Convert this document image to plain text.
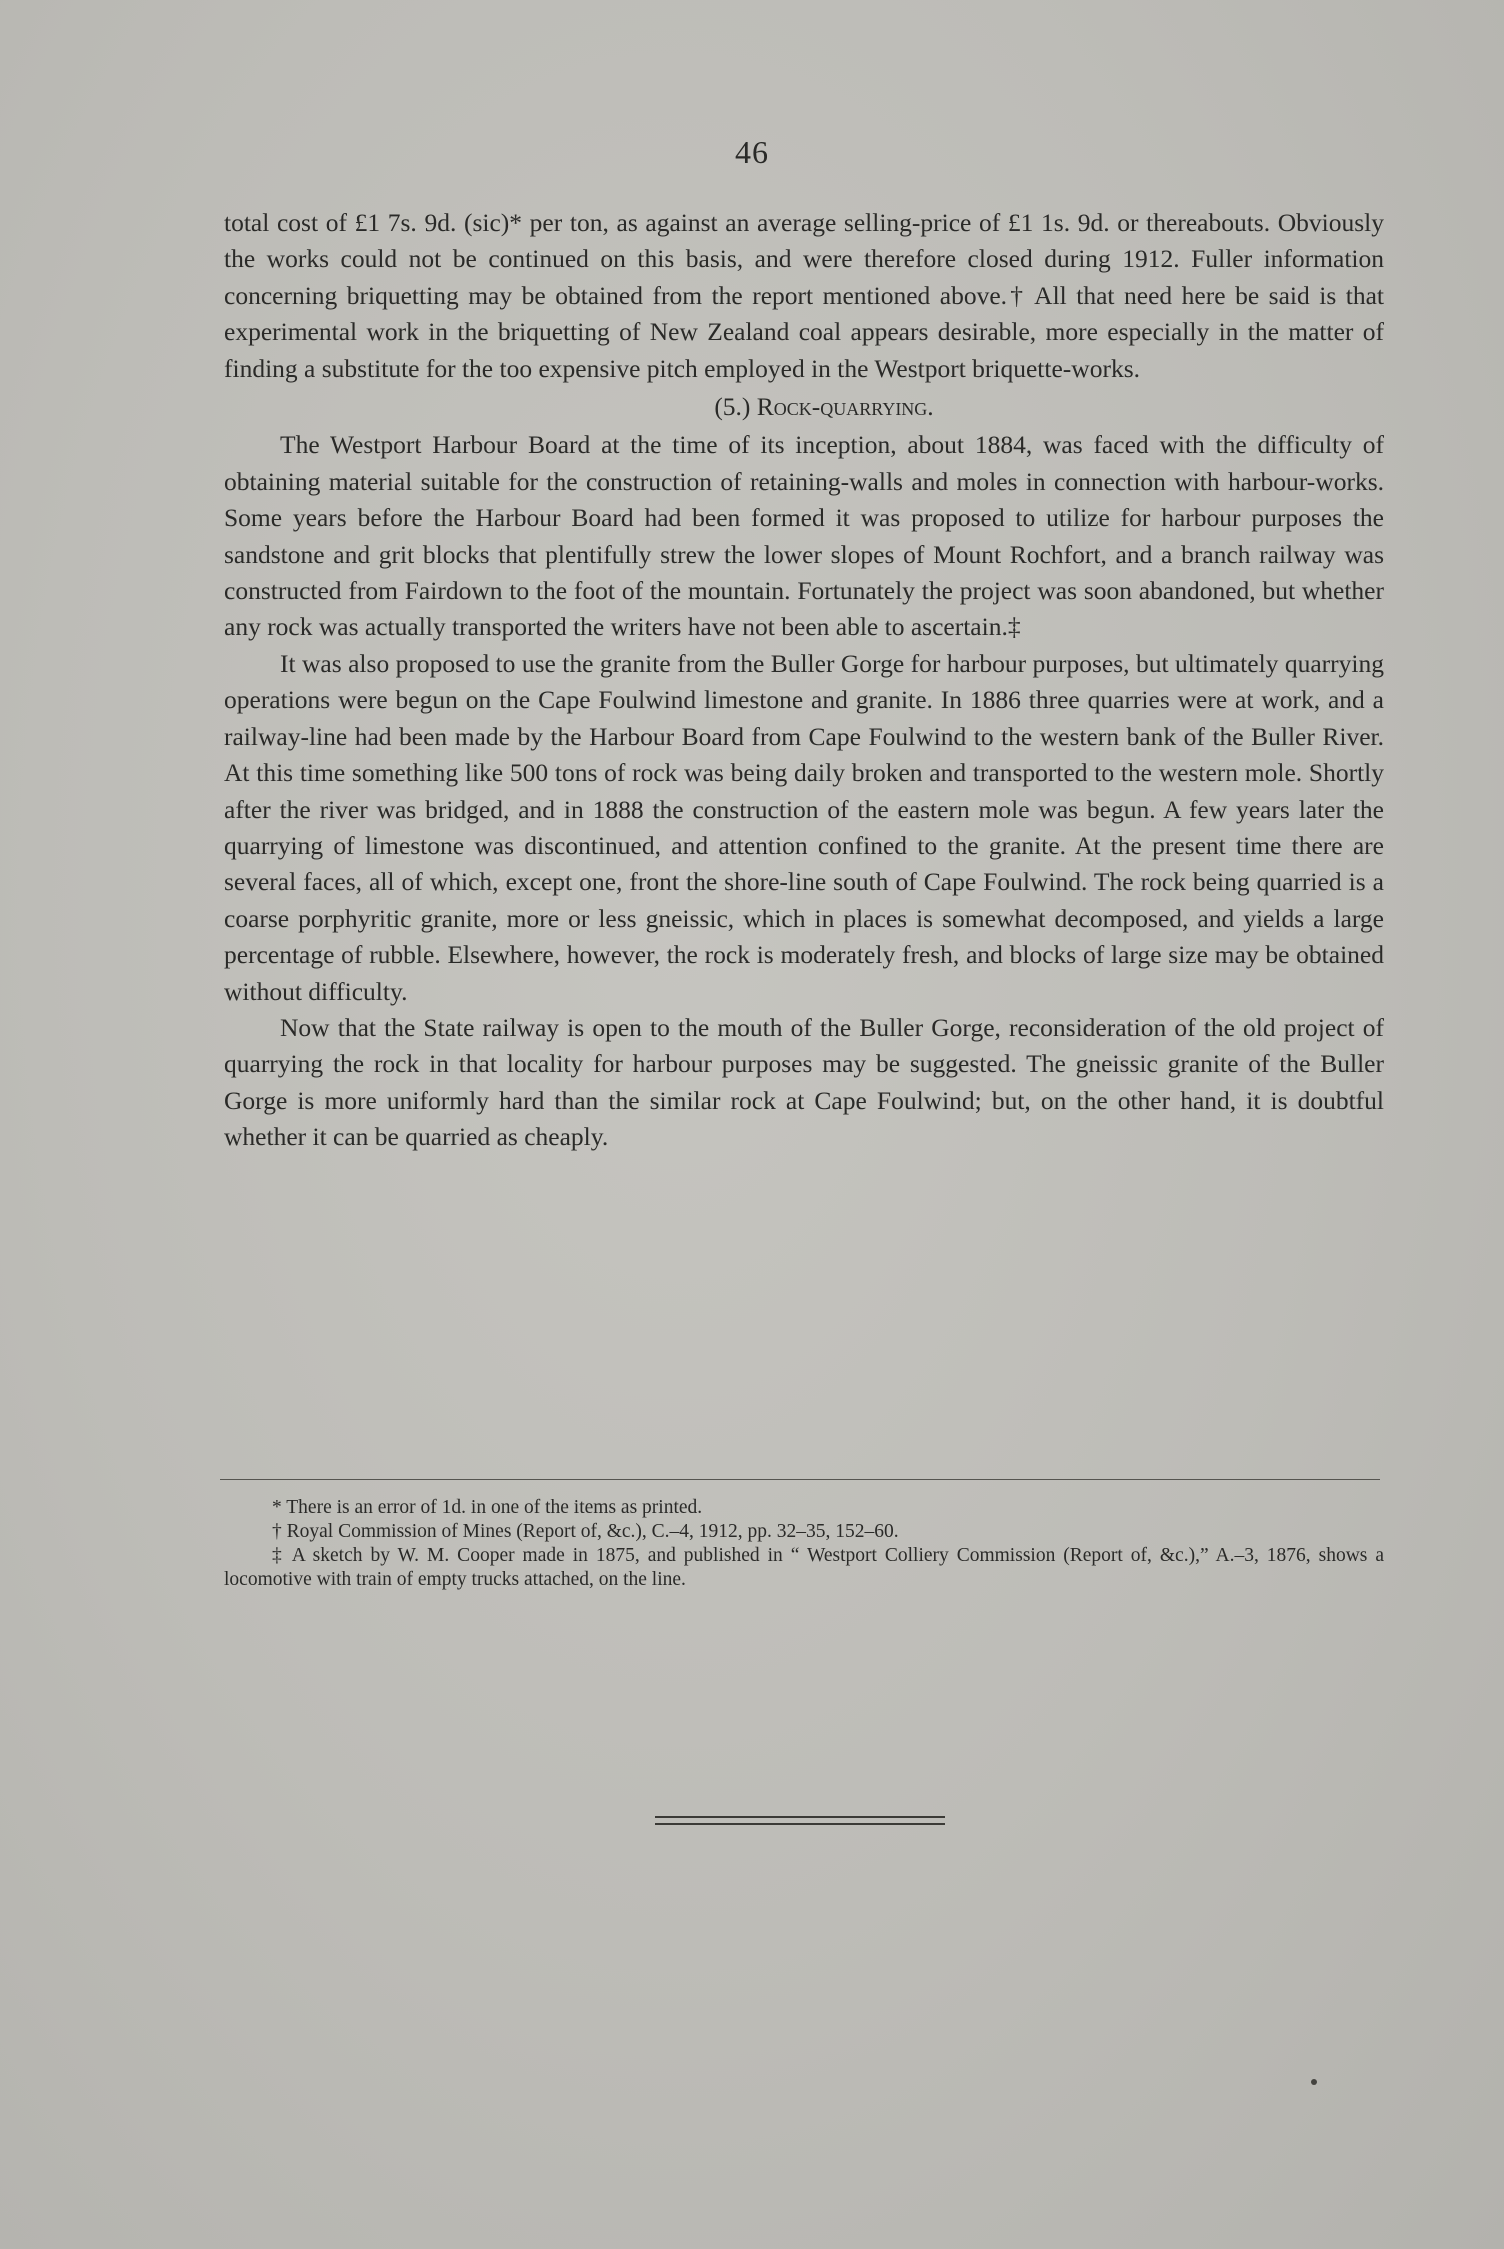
46

total cost of £1 7s. 9d. (sic)* per ton, as against an average selling-price of £1 1s. 9d. or thereabouts. Obviously the works could not be continued on this basis, and were therefore closed during 1912. Fuller information concerning briquetting may be obtained from the report mentioned above.† All that need here be said is that experimental work in the briquetting of New Zealand coal appears desirable, more especially in the matter of finding a substitute for the too expensive pitch employed in the Westport briquette-works.

(5.) Rock-quarrying.

The Westport Harbour Board at the time of its inception, about 1884, was faced with the difficulty of obtaining material suitable for the construction of retaining-walls and moles in connection with harbour-works. Some years before the Harbour Board had been formed it was proposed to utilize for harbour purposes the sandstone and grit blocks that plentifully strew the lower slopes of Mount Rochfort, and a branch railway was constructed from Fairdown to the foot of the mountain. Fortunately the project was soon abandoned, but whether any rock was actually transported the writers have not been able to ascertain.‡

It was also proposed to use the granite from the Buller Gorge for harbour purposes, but ultimately quarrying operations were begun on the Cape Foulwind limestone and granite. In 1886 three quarries were at work, and a railway-line had been made by the Harbour Board from Cape Foulwind to the western bank of the Buller River. At this time something like 500 tons of rock was being daily broken and transported to the western mole. Shortly after the river was bridged, and in 1888 the construction of the eastern mole was begun. A few years later the quarrying of limestone was discontinued, and attention confined to the granite. At the present time there are several faces, all of which, except one, front the shore-line south of Cape Foulwind. The rock being quarried is a coarse porphyritic granite, more or less gneissic, which in places is somewhat decomposed, and yields a large percentage of rubble. Elsewhere, however, the rock is moderately fresh, and blocks of large size may be obtained without difficulty.

Now that the State railway is open to the mouth of the Buller Gorge, reconsideration of the old project of quarrying the rock in that locality for harbour purposes may be suggested. The gneissic granite of the Buller Gorge is more uniformly hard than the similar rock at Cape Foulwind; but, on the other hand, it is doubtful whether it can be quarried as cheaply.

* There is an error of 1d. in one of the items as printed.

† Royal Commission of Mines (Report of, &c.), C.–4, 1912, pp. 32–35, 152–60.

‡ A sketch by W. M. Cooper made in 1875, and published in “ Westport Colliery Commission (Report of, &c.),” A.–3, 1876, shows a locomotive with train of empty trucks attached, on the line.
